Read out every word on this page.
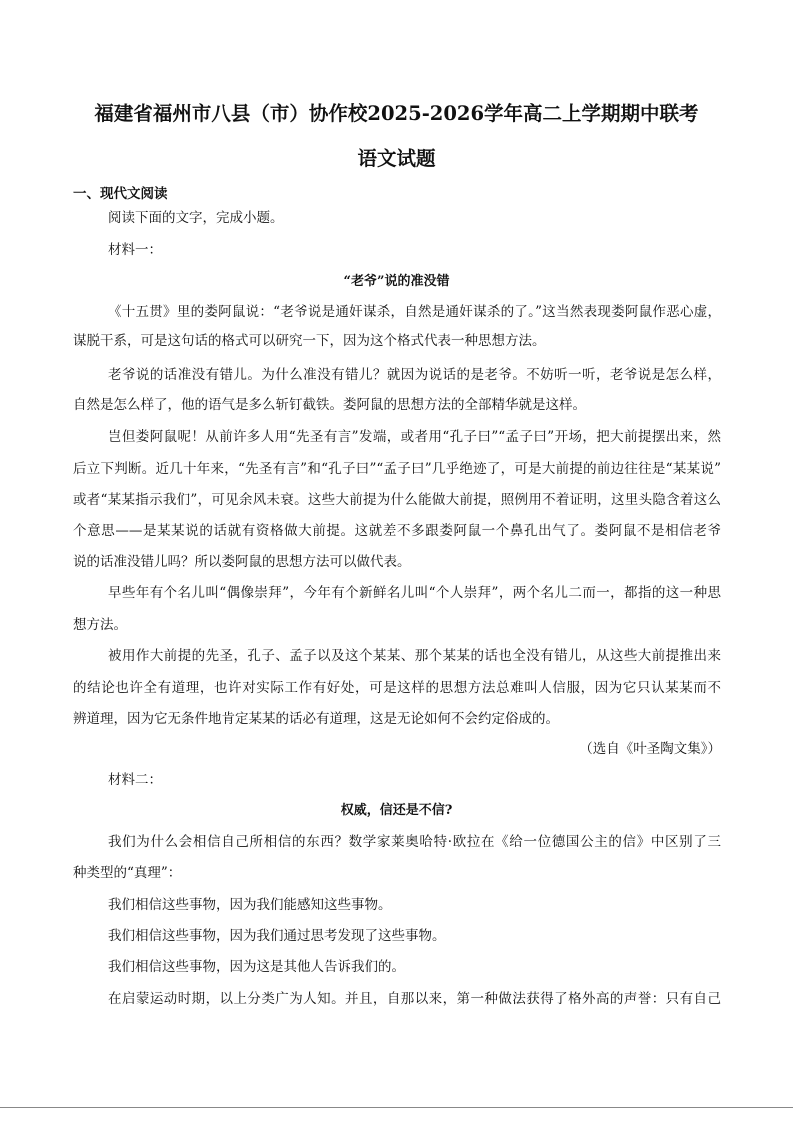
福建省福州市八县（市）协作校2025-2026学年高二上学期期中联考
语文试题
一、现代文阅读
阅读下面的文字，完成小题。
材料一：
“老爷”说的准没错
《十五贯》里的娄阿鼠说：“老爷说是通奸谋杀，自然是通奸谋杀的了。”这当然表现娄阿鼠作恶心虚，
谋脱干系，可是这句话的格式可以研究一下，因为这个格式代表一种思想方法。
老爷说的话准没有错儿。为什么准没有错儿？就因为说话的是老爷。不妨听一听，老爷说是怎么样，
自然是怎么样了，他的语气是多么斩钉截铁。娄阿鼠的思想方法的全部精华就是这样。
岂但娄阿鼠呢！从前许多人用“先圣有言”发端，或者用“孔子曰”“孟子曰”开场，把大前提摆出来，然
后立下判断。近几十年来，“先圣有言”和“孔子曰”“孟子曰”几乎绝迹了，可是大前提的前边往往是“某某说”
或者“某某指示我们”，可见余风未衰。这些大前提为什么能做大前提，照例用不着证明，这里头隐含着这么
个意思——是某某说的话就有资格做大前提。这就差不多跟娄阿鼠一个鼻孔出气了。娄阿鼠不是相信老爷
说的话准没错儿吗？所以娄阿鼠的思想方法可以做代表。
早些年有个名儿叫“偶像崇拜”，今年有个新鲜名儿叫“个人崇拜”，两个名儿二而一，都指的这一种思
想方法。
被用作大前提的先圣，孔子、孟子以及这个某某、那个某某的话也全没有错儿，从这些大前提推出来
的结论也许全有道理，也许对实际工作有好处，可是这样的思想方法总难叫人信服，因为它只认某某而不
辨道理，因为它无条件地肯定某某的话必有道理，这是无论如何不会约定俗成的。
（选自《叶圣陶文集》）
材料二：
权威，信还是不信?
我们为什么会相信自己所相信的东西？数学家莱奥哈特·欧拉在《给一位德国公主的信》中区别了三
种类型的“真理”：
我们相信这些事物，因为我们能感知这些事物。
我们相信这些事物，因为我们通过思考发现了这些事物。
我们相信这些事物，因为这是其他人告诉我们的。
在启蒙运动时期，以上分类广为人知。并且，自那以来，第一种做法获得了格外高的声誉：只有自己
